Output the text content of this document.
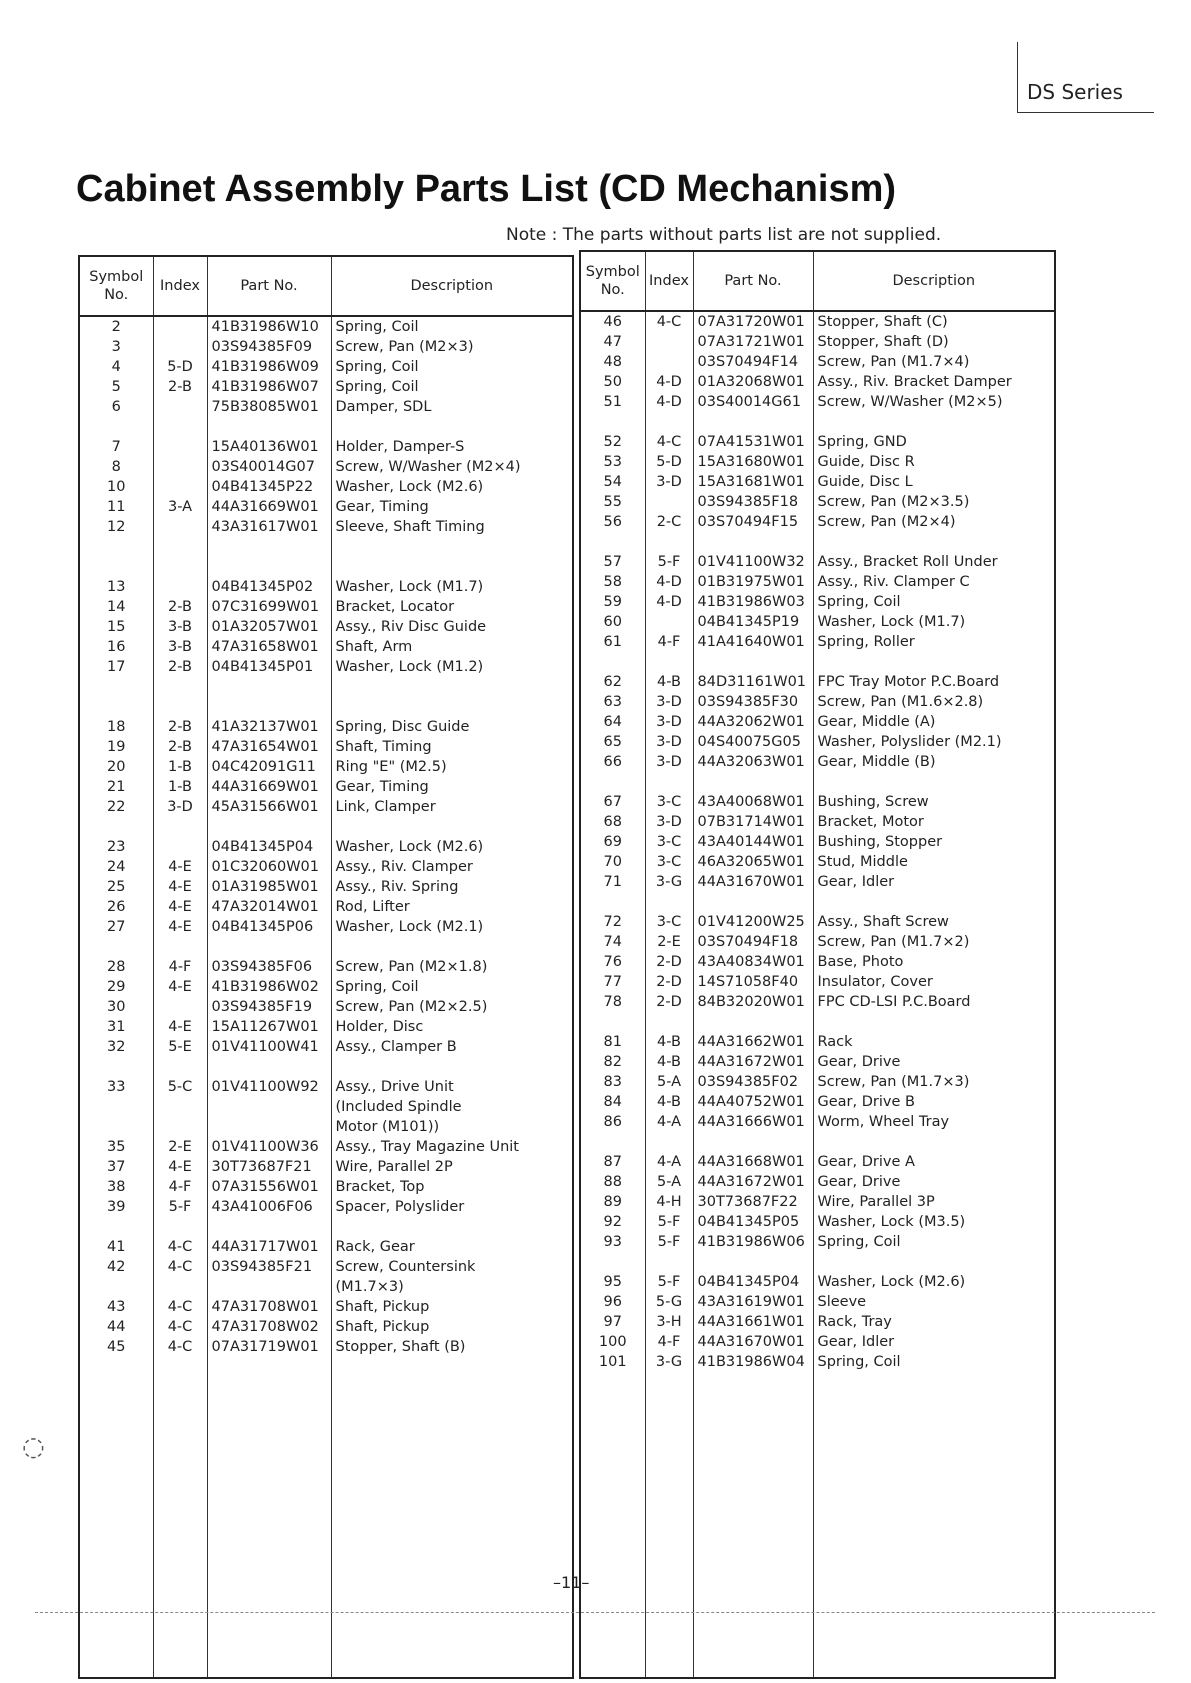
DS Series
Cabinet Assembly Parts List (CD Mechanism)
Note : The parts without parts list are not supplied.
Symbol No.	Index	Part No.	Description
2		41B31986W10	Spring, Coil
3		03S94385F09	Screw, Pan (M2×3)
4	5-D	41B31986W09	Spring, Coil
5	2-B	41B31986W07	Spring, Coil
6		75B38085W01	Damper, SDL

7		15A40136W01	Holder, Damper-S
8		03S40014G07	Screw, W/Washer (M2×4)
10		04B41345P22	Washer, Lock (M2.6)
11	3-A	44A31669W01	Gear, Timing
12		43A31617W01	Sleeve, Shaft Timing

13		04B41345P02	Washer, Lock (M1.7)
14	2-B	07C31699W01	Bracket, Locator
15	3-B	01A32057W01	Assy., Riv Disc Guide
16	3-B	47A31658W01	Shaft, Arm
17	2-B	04B41345P01	Washer, Lock (M1.2)

18	2-B	41A32137W01	Spring, Disc Guide
19	2-B	47A31654W01	Shaft, Timing
20	1-B	04C42091G11	Ring "E" (M2.5)
21	1-B	44A31669W01	Gear, Timing
22	3-D	45A31566W01	Link, Clamper

23		04B41345P04	Washer, Lock (M2.6)
24	4-E	01C32060W01	Assy., Riv. Clamper
25	4-E	01A31985W01	Assy., Riv. Spring
26	4-E	47A32014W01	Rod, Lifter
27	4-E	04B41345P06	Washer, Lock (M2.1)

28	4-F	03S94385F06	Screw, Pan (M2×1.8)
29	4-E	41B31986W02	Spring, Coil
30		03S94385F19	Screw, Pan (M2×2.5)
31	4-E	15A11267W01	Holder, Disc
32	5-E	01V41100W41	Assy., Clamper B

33	5-C	01V41100W92	Assy., Drive Unit
			(Included Spindle
			Motor (M101))
35	2-E	01V41100W36	Assy., Tray Magazine Unit
37	4-E	30T73687F21	Wire, Parallel 2P
38	4-F	07A31556W01	Bracket, Top
39	5-F	43A41006F06	Spacer, Polyslider

41	4-C	44A31717W01	Rack, Gear
42	4-C	03S94385F21	Screw, Countersink
			(M1.7×3)
43	4-C	47A31708W01	Shaft, Pickup
44	4-C	47A31708W02	Shaft, Pickup
45	4-C	07A31719W01	Stopper, Shaft (B)

Symbol No.	Index	Part No.	Description
46	4-C	07A31720W01	Stopper, Shaft (C)
47		07A31721W01	Stopper, Shaft (D)
48		03S70494F14	Screw, Pan (M1.7×4)
50	4-D	01A32068W01	Assy., Riv. Bracket Damper
51	4-D	03S40014G61	Screw, W/Washer (M2×5)

52	4-C	07A41531W01	Spring, GND
53	5-D	15A31680W01	Guide, Disc R
54	3-D	15A31681W01	Guide, Disc L
55		03S94385F18	Screw, Pan (M2×3.5)
56	2-C	03S70494F15	Screw, Pan (M2×4)

57	5-F	01V41100W32	Assy., Bracket Roll Under
58	4-D	01B31975W01	Assy., Riv. Clamper C
59	4-D	41B31986W03	Spring, Coil
60		04B41345P19	Washer, Lock (M1.7)
61	4-F	41A41640W01	Spring, Roller

62	4-B	84D31161W01	FPC Tray Motor P.C.Board
63	3-D	03S94385F30	Screw, Pan (M1.6×2.8)
64	3-D	44A32062W01	Gear, Middle (A)
65	3-D	04S40075G05	Washer, Polyslider (M2.1)
66	3-D	44A32063W01	Gear, Middle (B)

67	3-C	43A40068W01	Bushing, Screw
68	3-D	07B31714W01	Bracket, Motor
69	3-C	43A40144W01	Bushing, Stopper
70	3-C	46A32065W01	Stud, Middle
71	3-G	44A31670W01	Gear, Idler

72	3-C	01V41200W25	Assy., Shaft Screw
74	2-E	03S70494F18	Screw, Pan (M1.7×2)
76	2-D	43A40834W01	Base, Photo
77	2-D	14S71058F40	Insulator, Cover
78	2-D	84B32020W01	FPC CD-LSI P.C.Board

81	4-B	44A31662W01	Rack
82	4-B	44A31672W01	Gear, Drive
83	5-A	03S94385F02	Screw, Pan (M1.7×3)
84	4-B	44A40752W01	Gear, Drive B
86	4-A	44A31666W01	Worm, Wheel Tray

87	4-A	44A31668W01	Gear, Drive A
88	5-A	44A31672W01	Gear, Drive
89	4-H	30T73687F22	Wire, Parallel 3P
92	5-F	04B41345P05	Washer, Lock (M3.5)
93	5-F	41B31986W06	Spring, Coil

95	5-F	04B41345P04	Washer, Lock (M2.6)
96	5-G	43A31619W01	Sleeve
97	3-H	44A31661W01	Rack, Tray
100	4-F	44A31670W01	Gear, Idler
101	3-G	41B31986W04	Spring, Coil

–11–
◌
